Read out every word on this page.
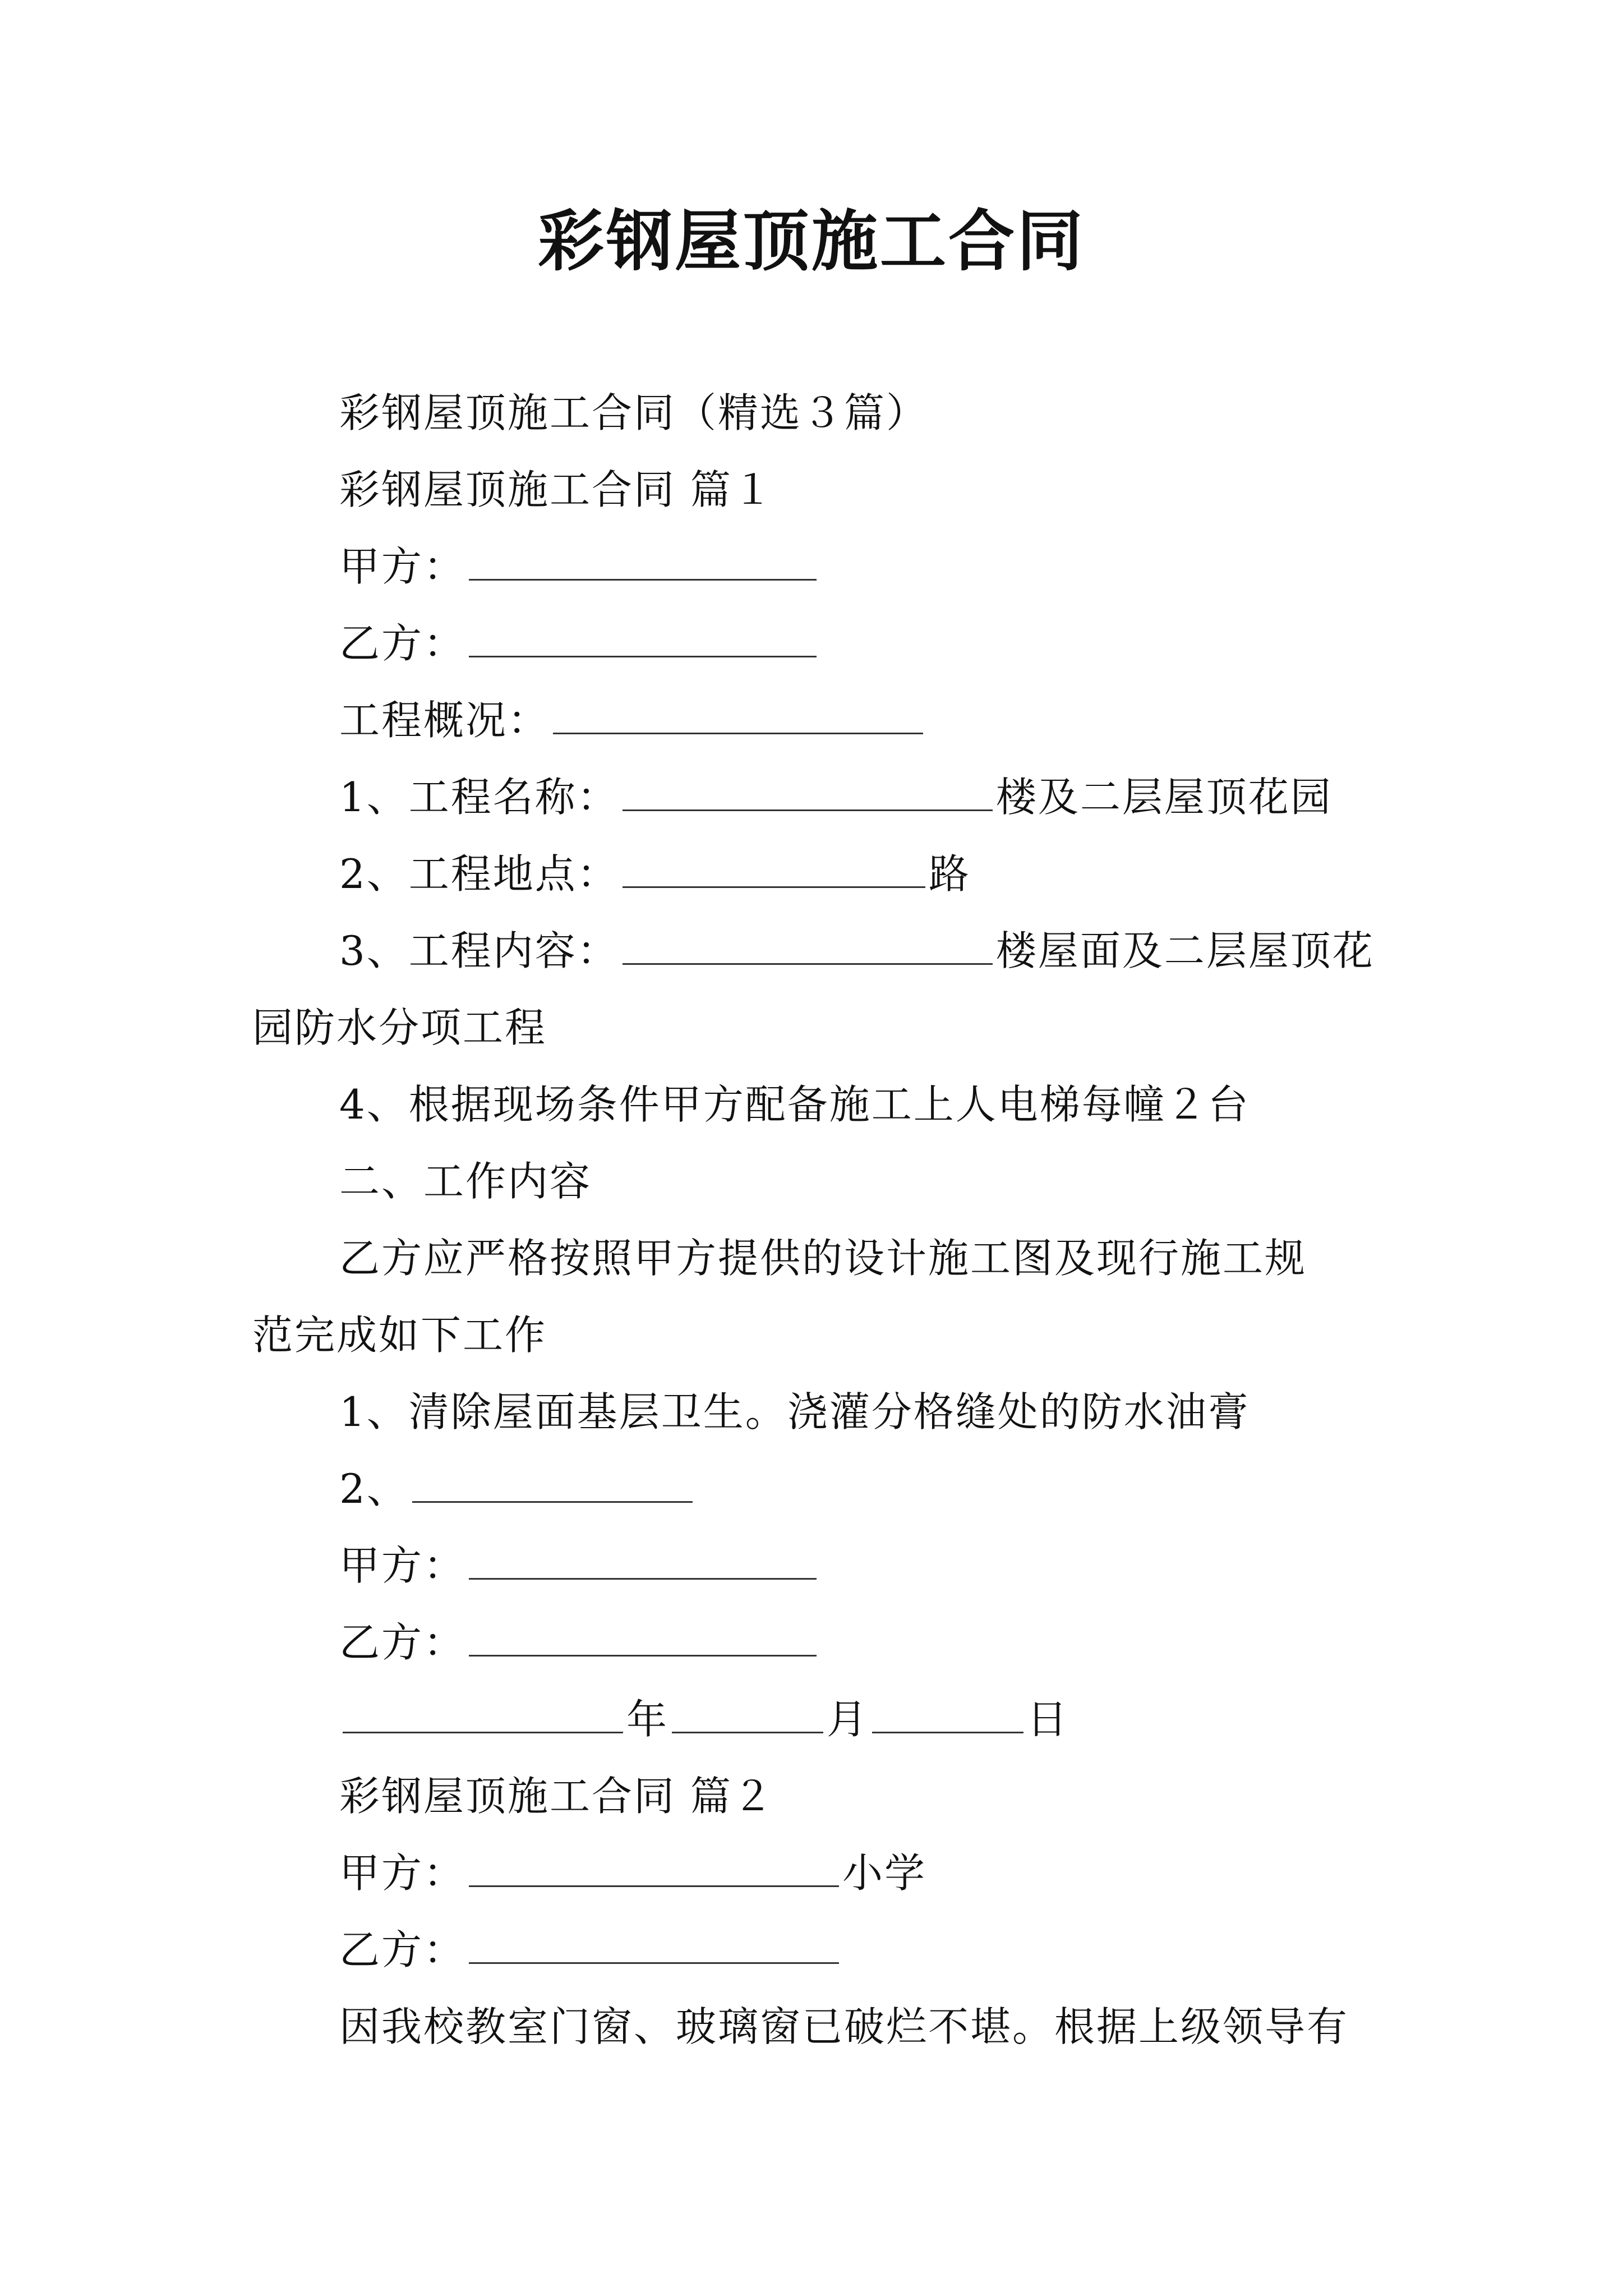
彩钢屋顶施工合同
彩钢屋顶施工合同（精选３篇）
彩钢屋顶施工合同 篇１
甲方：
乙方：
工程概况：
1、工程名称：	楼及二层屋顶花园
2、工程地点：	路
3、工程内容：	楼屋面及二层屋顶花
园防水分项工程
4、根据现场条件甲方配备施工上人电梯每幢２台
二、工作内容
乙方应严格按照甲方提供的设计施工图及现行施工规
范完成如下工作
1、清除屋面基层卫生。浇灌分格缝处的防水油膏
2、
甲方：
乙方：
年	月	日
彩钢屋顶施工合同 篇２
甲方：	小学
乙方：
因我校教室门窗、玻璃窗已破烂不堪。根据上级领导有
